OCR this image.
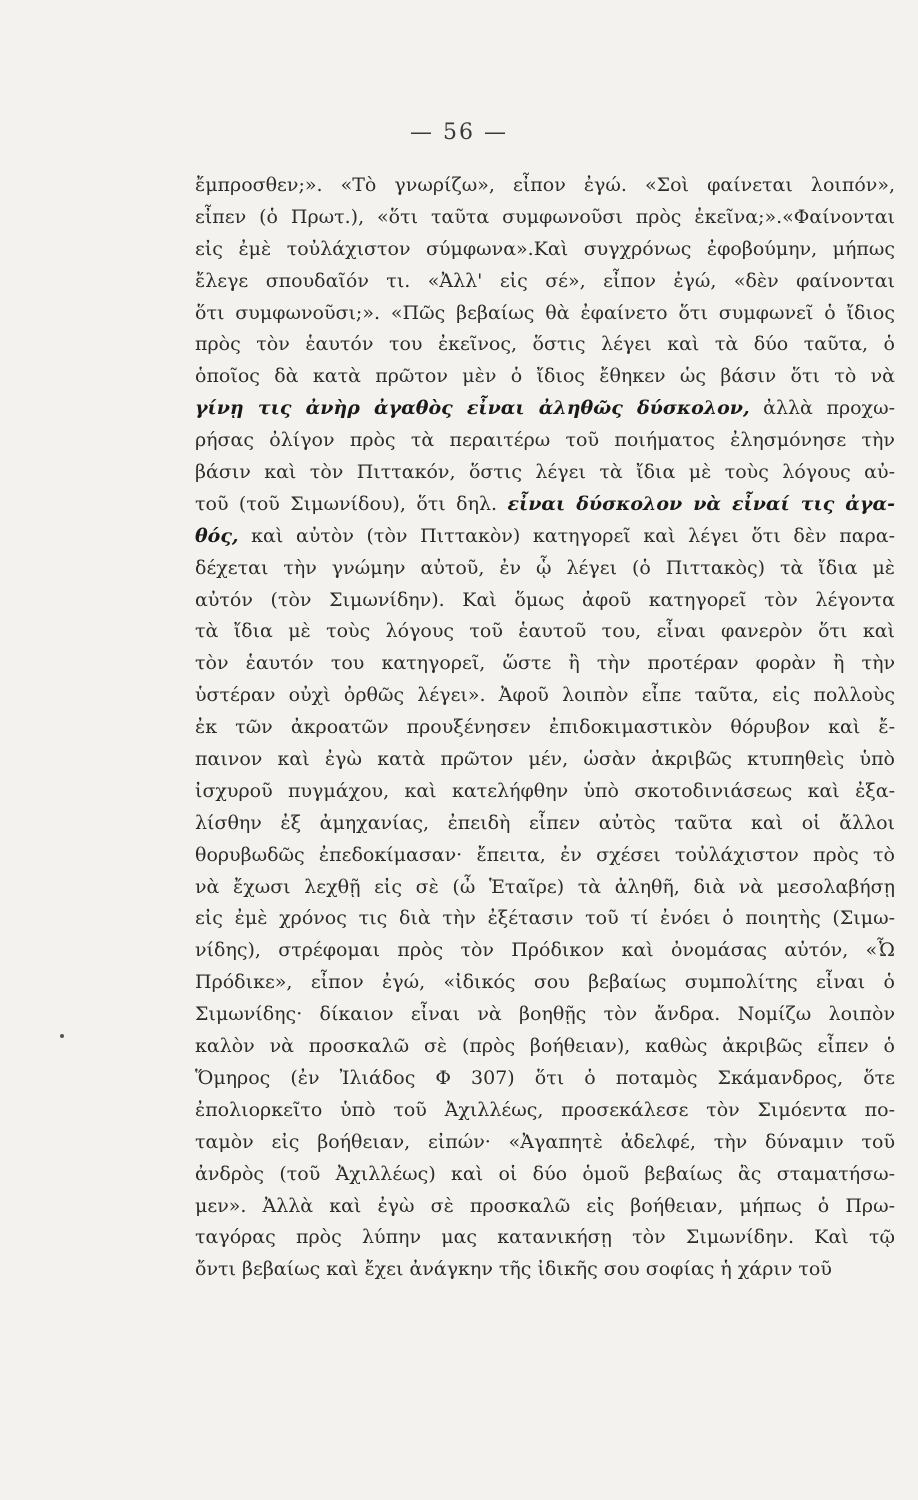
— 56 —
ἔμπροσθεν;». «Τὸ γνωρίζω», εἶπον ἐγώ. «Σοὶ φαίνεται λοιπόν»,
εἶπεν (ὁ Πρωτ.), «ὅτι ταῦτα συμφωνοῦσι πρὸς ἐκεῖνα;».«Φαίνονται
εἰς ἐμὲ τοὐλάχιστον σύμφωνα».Καὶ συγχρόνως ἐφοβούμην, μήπως
ἔλεγε σπουδαῖόν τι. «Ἀλλ' εἰς σέ», εἶπον ἐγώ, «δὲν φαίνονται
ὅτι συμφωνοῦσι;». «Πῶς βεβαίως θὰ ἐφαίνετο ὅτι συμφωνεῖ ὁ ἴδιος
πρὸς τὸν ἑαυτόν του ἐκεῖνος, ὅστις λέγει καὶ τὰ δύο ταῦτα, ὁ
ὁποῖος δὰ κατὰ πρῶτον μὲν ὁ ἴδιος ἔθηκεν ὡς βάσιν ὅτι τὸ νὰ
γίνῃ τις ἀνὴρ ἀγαθὸς εἶναι ἀληθῶς δύσκολον, ἀλλὰ προχω-
ρήσας ὀλίγον πρὸς τὰ περαιτέρω τοῦ ποιήματος ἐλησμόνησε τὴν
βάσιν καὶ τὸν Πιττακόν, ὅστις λέγει τὰ ἴδια μὲ τοὺς λόγους αὐ-
τοῦ (τοῦ Σιμωνίδου), ὅτι δηλ. εἶναι δύσκολον νὰ εἶναί τις ἀγα-
θός, καὶ αὐτὸν (τὸν Πιττακὸν) κατηγορεῖ καὶ λέγει ὅτι δὲν παρα-
δέχεται τὴν γνώμην αὐτοῦ, ἐν ᾧ λέγει (ὁ Πιττακὸς) τὰ ἴδια μὲ
αὐτόν (τὸν Σιμωνίδην). Καὶ ὅμως ἀφοῦ κατηγορεῖ τὸν λέγοντα
τὰ ἴδια μὲ τοὺς λόγους τοῦ ἑαυτοῦ του, εἶναι φανερὸν ὅτι καὶ
τὸν ἑαυτόν του κατηγορεῖ, ὥστε ἢ τὴν προτέραν φορὰν ἢ τὴν
ὑστέραν οὐχὶ ὀρθῶς λέγει». Ἀφοῦ λοιπὸν εἶπε ταῦτα, εἰς πολλοὺς
ἐκ τῶν ἀκροατῶν προυξένησεν ἐπιδοκιμαστικὸν θόρυβον καὶ ἔ-
παινον καὶ ἐγὼ κατὰ πρῶτον μέν, ὡσὰν ἀκριβῶς κτυπηθεὶς ὑπὸ
ἰσχυροῦ πυγμάχου, καὶ κατελήφθην ὑπὸ σκοτοδινιάσεως καὶ ἐξα-
λίσθην ἐξ ἀμηχανίας, ἐπειδὴ εἶπεν αὐτὸς ταῦτα καὶ οἱ ἄλλοι
θορυβωδῶς ἐπεδοκίμασαν· ἔπειτα, ἐν σχέσει τοὐλάχιστον πρὸς τὸ
νὰ ἔχωσι λεχθῇ εἰς σὲ (ὦ Ἑταῖρε) τὰ ἀληθῆ, διὰ νὰ μεσολαβήσῃ
εἰς ἐμὲ χρόνος τις διὰ τὴν ἐξέτασιν τοῦ τί ἐνόει ὁ ποιητὴς (Σιμω-
νίδης), στρέφομαι πρὸς τὸν Πρόδικον καὶ ὀνομάσας αὐτόν, «Ὦ
Πρόδικε», εἶπον ἐγώ, «ἰδικός σου βεβαίως συμπολίτης εἶναι ὁ
Σιμωνίδης· δίκαιον εἶναι νὰ βοηθῇς τὸν ἄνδρα. Νομίζω λοιπὸν
καλὸν νὰ προσκαλῶ σὲ (πρὸς βοήθειαν), καθὼς ἀκριβῶς εἶπεν ὁ
Ὅμηρος (ἐν Ἰλιάδος Φ 307) ὅτι ὁ ποταμὸς Σκάμανδρος, ὅτε
ἐπολιορκεῖτο ὑπὸ τοῦ Ἀχιλλέως, προσεκάλεσε τὸν Σιμόεντα πο-
ταμὸν εἰς βοήθειαν, εἰπών· «Ἀγαπητὲ ἀδελφέ, τὴν δύναμιν τοῦ
ἀνδρὸς (τοῦ Ἀχιλλέως) καὶ οἱ δύο ὁμοῦ βεβαίως ἂς σταματήσω-
μεν». Ἀλλὰ καὶ ἐγὼ σὲ προσκαλῶ εἰς βοήθειαν, μήπως ὁ Πρω-
ταγόρας πρὸς λύπην μας κατανικήσῃ τὸν Σιμωνίδην. Καὶ τῷ
ὄντι βεβαίως καὶ ἔχει ἀνάγκην τῆς ἰδικῆς σου σοφίας ἡ χάριν τοῦ
